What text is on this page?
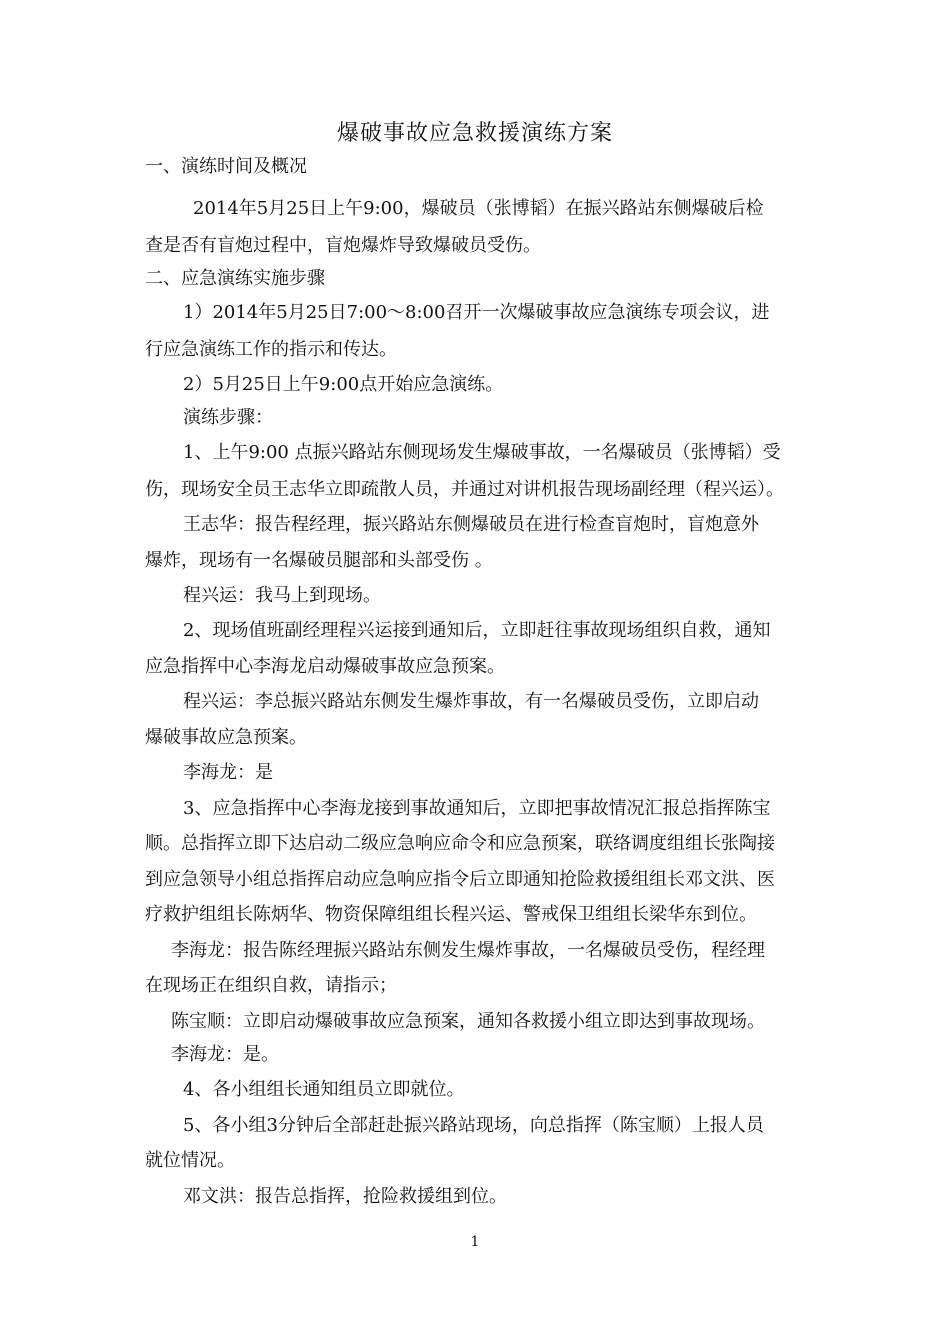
爆破事故应急救援演练方案
一、演练时间及概况
2014年5月25日上午9:00，爆破员（张博韬）在振兴路站东侧爆破后检
查是否有盲炮过程中，盲炮爆炸导致爆破员受伤。
二、应急演练实施步骤
1）2014年5月25日7:00～8:00召开一次爆破事故应急演练专项会议，进
行应急演练工作的指示和传达。
2）5月25日上午9:00点开始应急演练。
演练步骤：
1、上午9:00 点振兴路站东侧现场发生爆破事故，一名爆破员（张博韬）受
伤，现场安全员王志华立即疏散人员，并通过对讲机报告现场副经理（程兴运）。
王志华：报告程经理，振兴路站东侧爆破员在进行检查盲炮时，盲炮意外
爆炸，现场有一名爆破员腿部和头部受伤 。
程兴运：我马上到现场。
2、现场值班副经理程兴运接到通知后，立即赶往事故现场组织自救，通知
应急指挥中心李海龙启动爆破事故应急预案。
程兴运：李总振兴路站东侧发生爆炸事故，有一名爆破员受伤，立即启动
爆破事故应急预案。
李海龙：是
3、应急指挥中心李海龙接到事故通知后，立即把事故情况汇报总指挥陈宝
顺。总指挥立即下达启动二级应急响应命令和应急预案，联络调度组组长张陶接
到应急领导小组总指挥启动应急响应指令后立即通知抢险救援组组长邓文洪、医
疗救护组组长陈炳华、物资保障组组长程兴运、警戒保卫组组长梁华东到位。
李海龙：报告陈经理振兴路站东侧发生爆炸事故，一名爆破员受伤，程经理
在现场正在组织自救，请指示；
陈宝顺：立即启动爆破事故应急预案，通知各救援小组立即达到事故现场。
李海龙：是。
4、各小组组长通知组员立即就位。
5、各小组3分钟后全部赶赴振兴路站现场，向总指挥（陈宝顺）上报人员
就位情况。
邓文洪：报告总指挥，抢险救援组到位。
1
